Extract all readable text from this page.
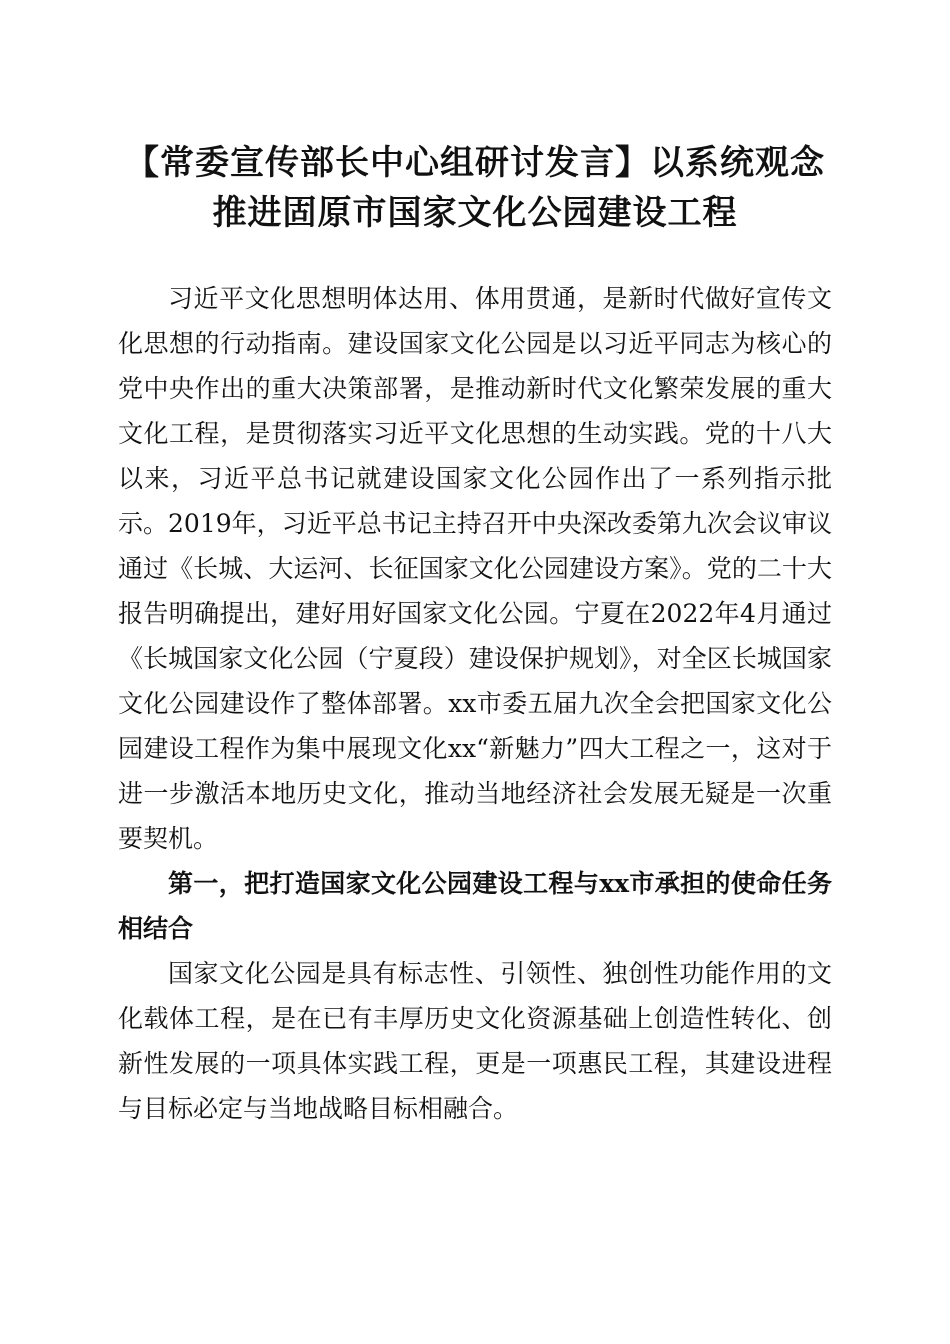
【常委宣传部长中心组研讨发言】以系统观念
推进固原市国家文化公园建设工程

习近平文化思想明体达用、体用贯通，是新时代做好宣传文化思想的行动指南。建设国家文化公园是以习近平同志为核心的党中央作出的重大决策部署，是推动新时代文化繁荣发展的重大文化工程，是贯彻落实习近平文化思想的生动实践。党的十八大以来，习近平总书记就建设国家文化公园作出了一系列指示批示。2019年，习近平总书记主持召开中央深改委第九次会议审议通过《长城、大运河、长征国家文化公园建设方案》。党的二十大报告明确提出，建好用好国家文化公园。宁夏在2022年4月通过《长城国家文化公园（宁夏段）建设保护规划》，对全区长城国家文化公园建设作了整体部署。xx市委五届九次全会把国家文化公园建设工程作为集中展现文化xx“新魅力”四大工程之一，这对于进一步激活本地历史文化，推动当地经济社会发展无疑是一次重要契机。

第一，把打造国家文化公园建设工程与xx市承担的使命任务相结合

国家文化公园是具有标志性、引领性、独创性功能作用的文化载体工程，是在已有丰厚历史文化资源基础上创造性转化、创新性发展的一项具体实践工程，更是一项惠民工程，其建设进程与目标必定与当地战略目标相融合。
